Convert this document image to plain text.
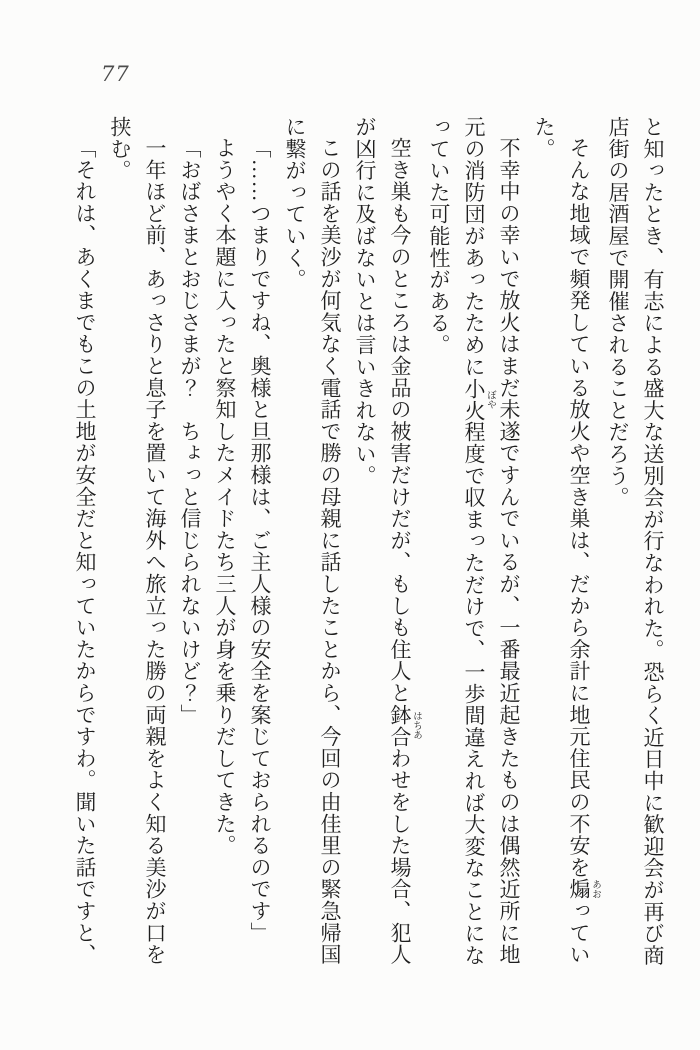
77

と知ったとき、有志による盛大な送別会が行なわれた。恐らく近日中に歓迎会が再び商店街の居酒屋で開催されることだろう。

そんな地域で頻発している放火や空き巣は、だから余計に地元住民の不安を煽 あおっていた。

不幸中の幸いで放火はまだ未遂ですんでいるが、一番最近起きたものは偶然近所に地元の消防団があったために小火 ぼや程度で収まっただけで、一歩間違えれば大変なことになっていた可能性がある。

空き巣も今のところは金品の被害だけだが、もしも住人と鉢合 はちあわせをした場合、犯人が凶行に及ばないとは言いきれない。

この話を美沙が何気なく電話で勝の母親に話したことから、今回の由佳里の緊急帰国に繋がっていく。

「……つまりですね、奥様と旦那様は、ご主人様の安全を案じておられるのです」

ようやく本題に入ったと察知したメイドたち三人が身を乗りだしてきた。

「おばさまとおじさまが？　ちょっと信じられないけど？」

一年ほど前、あっさりと息子を置いて海外へ旅立った勝の両親をよく知る美沙が口を挟む。

「それは、あくまでもこの土地が安全だと知っていたからですわ。聞いた話ですと、
